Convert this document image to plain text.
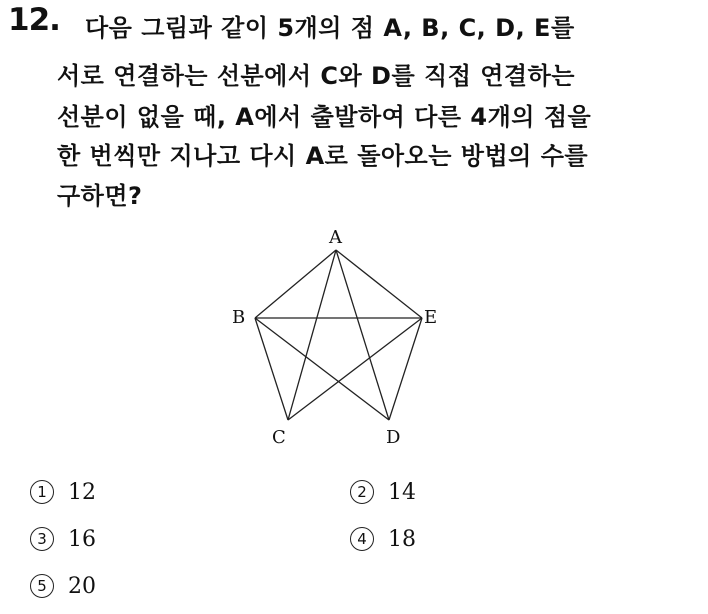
12. 다음 그림과 같이 5개의 점 A, B, C, D, E를
서로 연결하는 선분에서 C와 D를 직접 연결하는
선분이 없을 때, A에서 출발하여 다른 4개의 점을
한 번씩만 지나고 다시 A로 돌아오는 방법의 수를
구하면?
A
B
C	D
E
1 12	2 14
3 16	4 18
5 20
